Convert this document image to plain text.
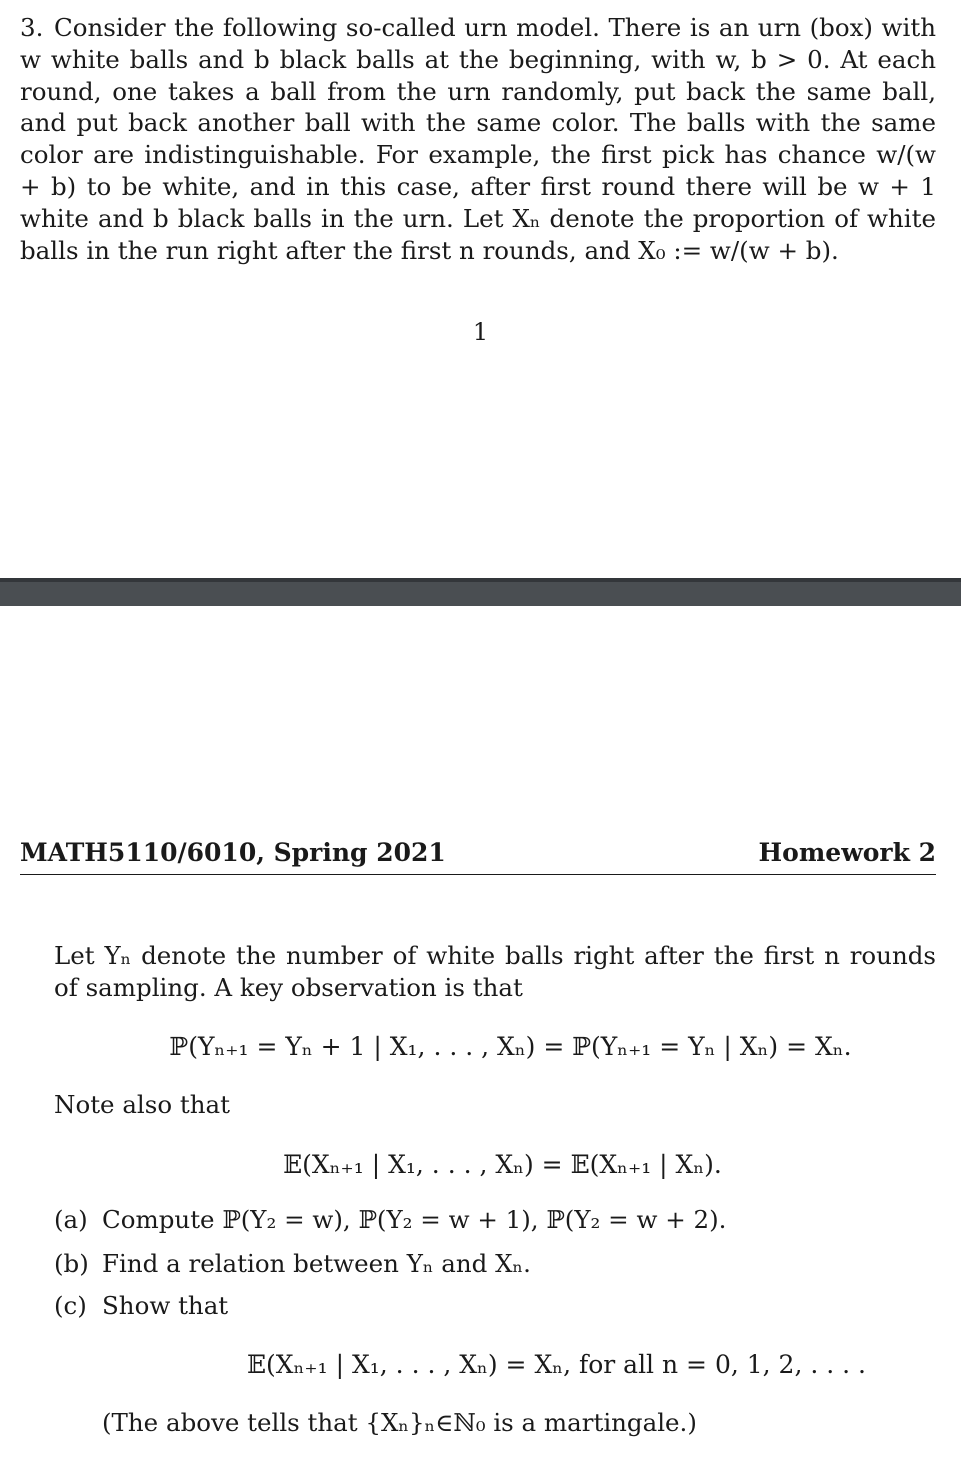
3. Consider the following so-called urn model. There is an urn (box) with w white balls and b black balls at the beginning, with w, b > 0. At each round, one takes a ball from the urn randomly, put back the same ball, and put back another ball with the same color. The balls with the same color are indistinguishable. For example, the first pick has chance w/(w + b) to be white, and in this case, after first round there will be w + 1 white and b black balls in the urn. Let Xₙ denote the proportion of white balls in the run right after the first n rounds, and X₀ := w/(w + b).
1
MATH5110/6010, Spring 2021	Homework 2
Let Yₙ denote the number of white balls right after the first n rounds of sampling. A key observation is that
ℙ(Yₙ₊₁ = Yₙ + 1 | X₁, . . . , Xₙ) = ℙ(Yₙ₊₁ = Yₙ | Xₙ) = Xₙ.
Note also that
𝔼(Xₙ₊₁ | X₁, . . . , Xₙ) = 𝔼(Xₙ₊₁ | Xₙ).
(a) Compute ℙ(Y₂ = w), ℙ(Y₂ = w + 1), ℙ(Y₂ = w + 2).
(b) Find a relation between Yₙ and Xₙ.
(c) Show that
𝔼(Xₙ₊₁ | X₁, . . . , Xₙ) = Xₙ, for all n = 0, 1, 2, . . . .
(The above tells that {Xₙ}ₙ∈ℕ₀ is a martingale.)
